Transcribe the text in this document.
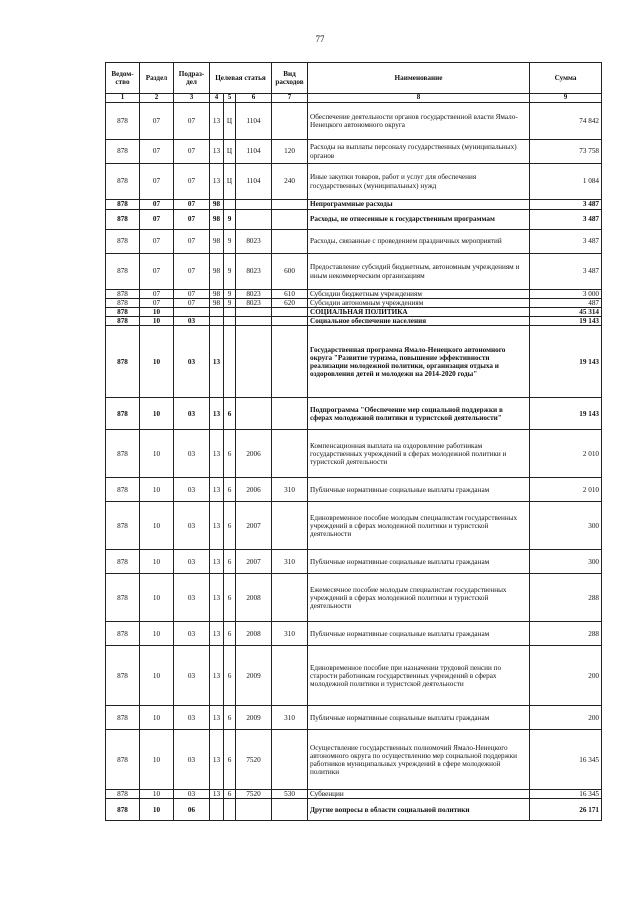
77
Ведом-ство	Раздел	Подраз-дел	Целевая статья			Вид расходов	Наименование	Сумма
1	2	3	4	5	6	7	8	9
878	07	07	13	Ц	1104		Обеспечение деятельности органов государственной власти Ямало-Ненецкого автономного округа	74 842
878	07	07	13	Ц	1104	120	Расходы на выплаты персоналу государственных (муниципальных) органов	73 758
878	07	07	13	Ц	1104	240	Иные закупки товаров, работ и услуг для обеспечения государственных (муниципальных) нужд	1 084
878	07	07	98				Непрограммные расходы	3 487
878	07	07	98	9			Расходы, не отнесенные к государственным программам	3 487
878	07	07	98	9	8023		Расходы, связанные с проведением праздничных мероприятий	3 487
878	07	07	98	9	8023	600	Предоставление субсидий бюджетным, автономным учреждениям и иным некоммерческим организациям	3 487
878	07	07	98	9	8023	610	Субсидии бюджетным учреждениям	3 000
878	07	07	98	9	8023	620	Субсидии автономным учреждениям	487
878	10						СОЦИАЛЬНАЯ ПОЛИТИКА	45 314
878	10	03					Социальное обеспечение населения	19 143
878	10	03	13				Государственная программа Ямало-Ненецкого автономного округа "Развитие туризма, повышение эффективности реализации молодежной политики, организация отдыха и оздоровления детей и молодежи на 2014-2020 годы"	19 143
878	10	03	13	6			Подпрограмма "Обеспечение мер социальной поддержки в сферах молодежной политики и туристской деятельности"	19 143
878	10	03	13	6	2006		Компенсационная выплата на оздоровление работникам государственных учреждений в сферах молодежной политики и туристской деятельности	2 010
878	10	03	13	6	2006	310	Публичные нормативные социальные выплаты гражданам	2 010
878	10	03	13	6	2007		Единовременное пособие молодым специалистам государственных учреждений в сферах молодежной политики и туристской деятельности	300
878	10	03	13	6	2007	310	Публичные нормативные социальные выплаты гражданам	300
878	10	03	13	6	2008		Ежемесячное пособие молодым специалистам государственных учреждений в сферах молодежной политики и туристской деятельности	288
878	10	03	13	6	2008	310	Публичные нормативные социальные выплаты гражданам	288
878	10	03	13	6	2009		Единовременное пособие при назначении трудовой пенсии по старости работникам государственных учреждений в сферах молодежной политики и туристской деятельности	200
878	10	03	13	6	2009	310	Публичные нормативные социальные выплаты гражданам	200
878	10	03	13	6	7520		Осуществление государственных полномочий Ямало-Ненецкого автономного округа по осуществлению мер социальной поддержки работников муниципальных учреждений в сфере молодежной политики	16 345
878	10	03	13	6	7520	530	Субвенции	16 345
878	10	06					Другие вопросы в области социальной политики	26 171
